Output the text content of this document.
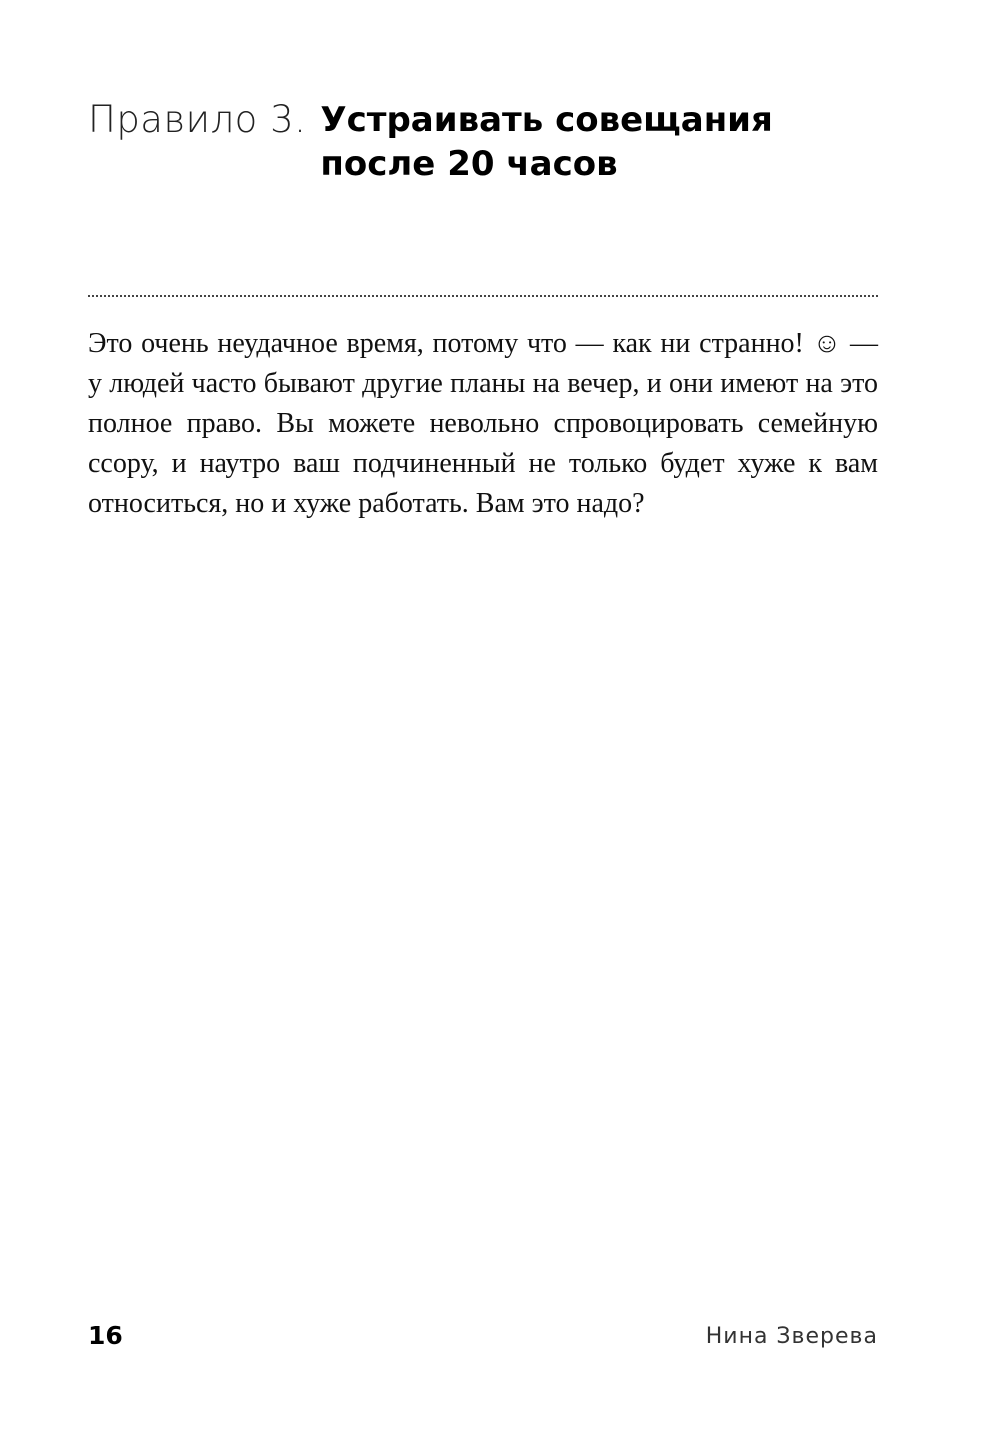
Правило 3. Устраивать совещания после 20 часов

Это очень неудачное время, потому что — как ни странно! ☺ — у людей часто бывают другие планы на вечер, и они имеют на это полное право. Вы можете невольно спровоцировать семейную ссору, и наутро ваш подчиненный не только будет хуже к вам относиться, но и хуже работать. Вам это надо?

16	Нина Зверева
